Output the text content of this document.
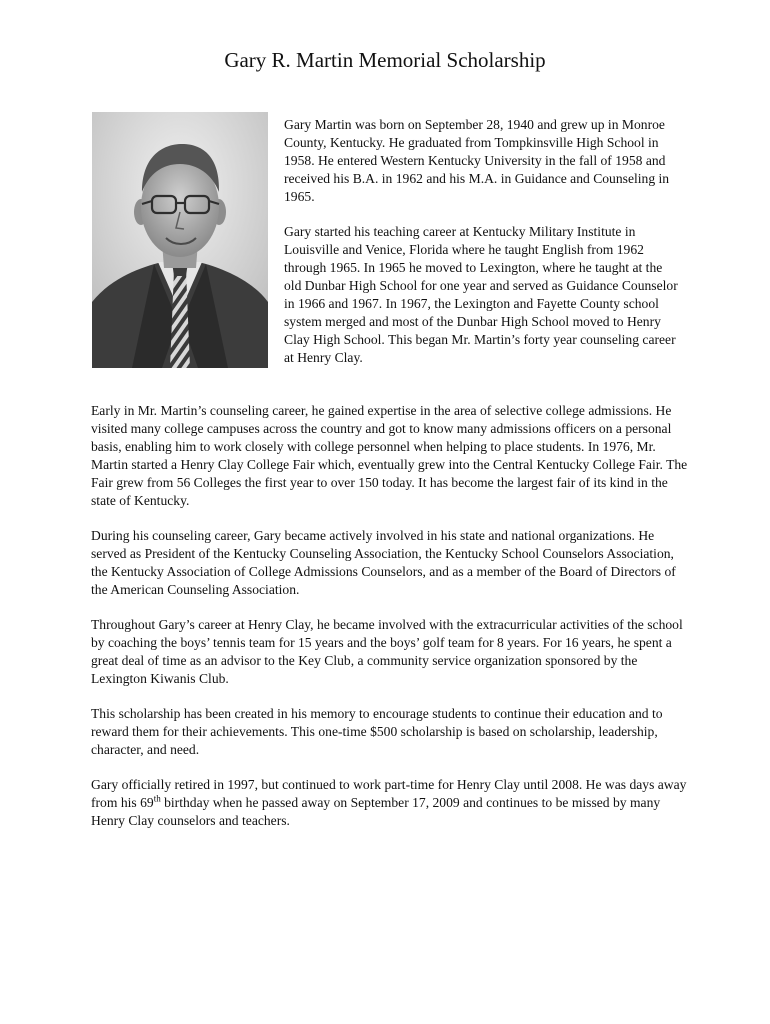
Gary R. Martin Memorial Scholarship

Gary Martin was born on September 28, 1940 and grew up in Monroe County, Kentucky. He graduated from Tompkinsville High School in 1958. He entered Western Kentucky University in the fall of 1958 and received his B.A. in 1962 and his M.A. in Guidance and Counseling in 1965.

Gary started his teaching career at Kentucky Military Institute in Louisville and Venice, Florida where he taught English from 1962 through 1965. In 1965 he moved to Lexington, where he taught at the old Dunbar High School for one year and served as Guidance Counselor in 1966 and 1967. In 1967, the Lexington and Fayette County school system merged and most of the Dunbar High School moved to Henry Clay High School. This began Mr. Martin’s forty year counseling career at Henry Clay.

Early in Mr. Martin’s counseling career, he gained expertise in the area of selective college admissions. He visited many college campuses across the country and got to know many admissions officers on a personal basis, enabling him to work closely with college personnel when helping to place students. In 1976, Mr. Martin started a Henry Clay College Fair which, eventually grew into the Central Kentucky College Fair. The Fair grew from 56 Colleges the first year to over 150 today. It has become the largest fair of its kind in the state of Kentucky.

During his counseling career, Gary became actively involved in his state and national organizations. He served as President of the Kentucky Counseling Association, the Kentucky School Counselors Association, the Kentucky Association of College Admissions Counselors, and as a member of the Board of Directors of the American Counseling Association.

Throughout Gary’s career at Henry Clay, he became involved with the extracurricular activities of the school by coaching the boys’ tennis team for 15 years and the boys’ golf team for 8 years. For 16 years, he spent a great deal of time as an advisor to the Key Club, a community service organization sponsored by the Lexington Kiwanis Club.

This scholarship has been created in his memory to encourage students to continue their education and to reward them for their achievements. This one-time $500 scholarship is based on scholarship, leadership, character, and need.

Gary officially retired in 1997, but continued to work part-time for Henry Clay until 2008. He was days away from his 69th birthday when he passed away on September 17, 2009 and continues to be missed by many Henry Clay counselors and teachers.
